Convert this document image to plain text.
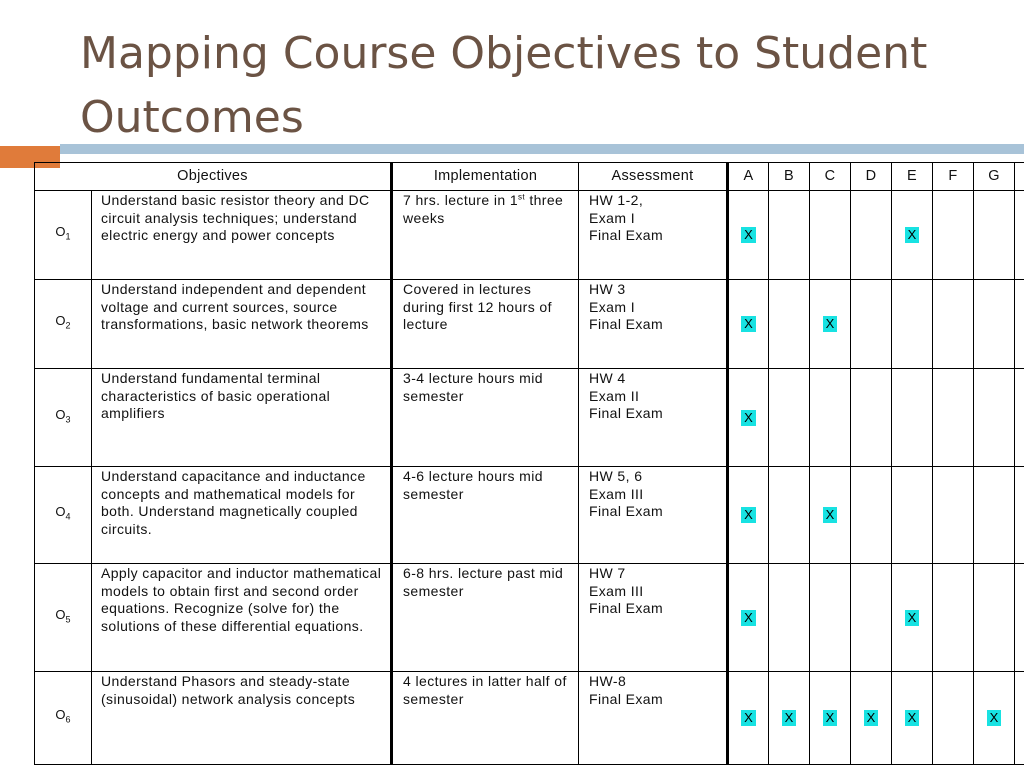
Mapping Course Objectives to Student Outcomes
Objectives		Implementation	Assessment	A	B	C	D	E	F	G	
$O_1$	Understand basic resistor theory and DC circuit analysis techniques; understand electric energy and power concepts	7 hrs. lecture in 1st three weeks	HW 1-2,
Exam I
Final Exam	X				X			
$O_2$	Understand independent and dependent voltage and current sources, source transformations, basic network theorems	Covered in lectures during first 12 hours of lecture	HW 3
Exam I
Final Exam	X		X					
$O_3$	Understand fundamental terminal characteristics of basic operational amplifiers	3-4 lecture hours mid semester	HW 4
Exam II
Final Exam	X							
$O_4$	Understand capacitance and inductance concepts and mathematical models for both. Understand magnetically coupled circuits.	4-6 lecture hours mid semester	HW 5, 6
Exam III
Final Exam	X		X					
$O_5$	Apply capacitor and inductor mathematical models to obtain first and second order equations. Recognize (solve for) the solutions of these differential equations.	6-8 hrs. lecture past mid semester	HW 7
Exam III
Final Exam	X				X			
$O_6$	Understand Phasors and steady-state (sinusoidal) network analysis concepts	4 lectures in latter half of semester	HW-8
Final Exam	X	X	X	X	X		X	
